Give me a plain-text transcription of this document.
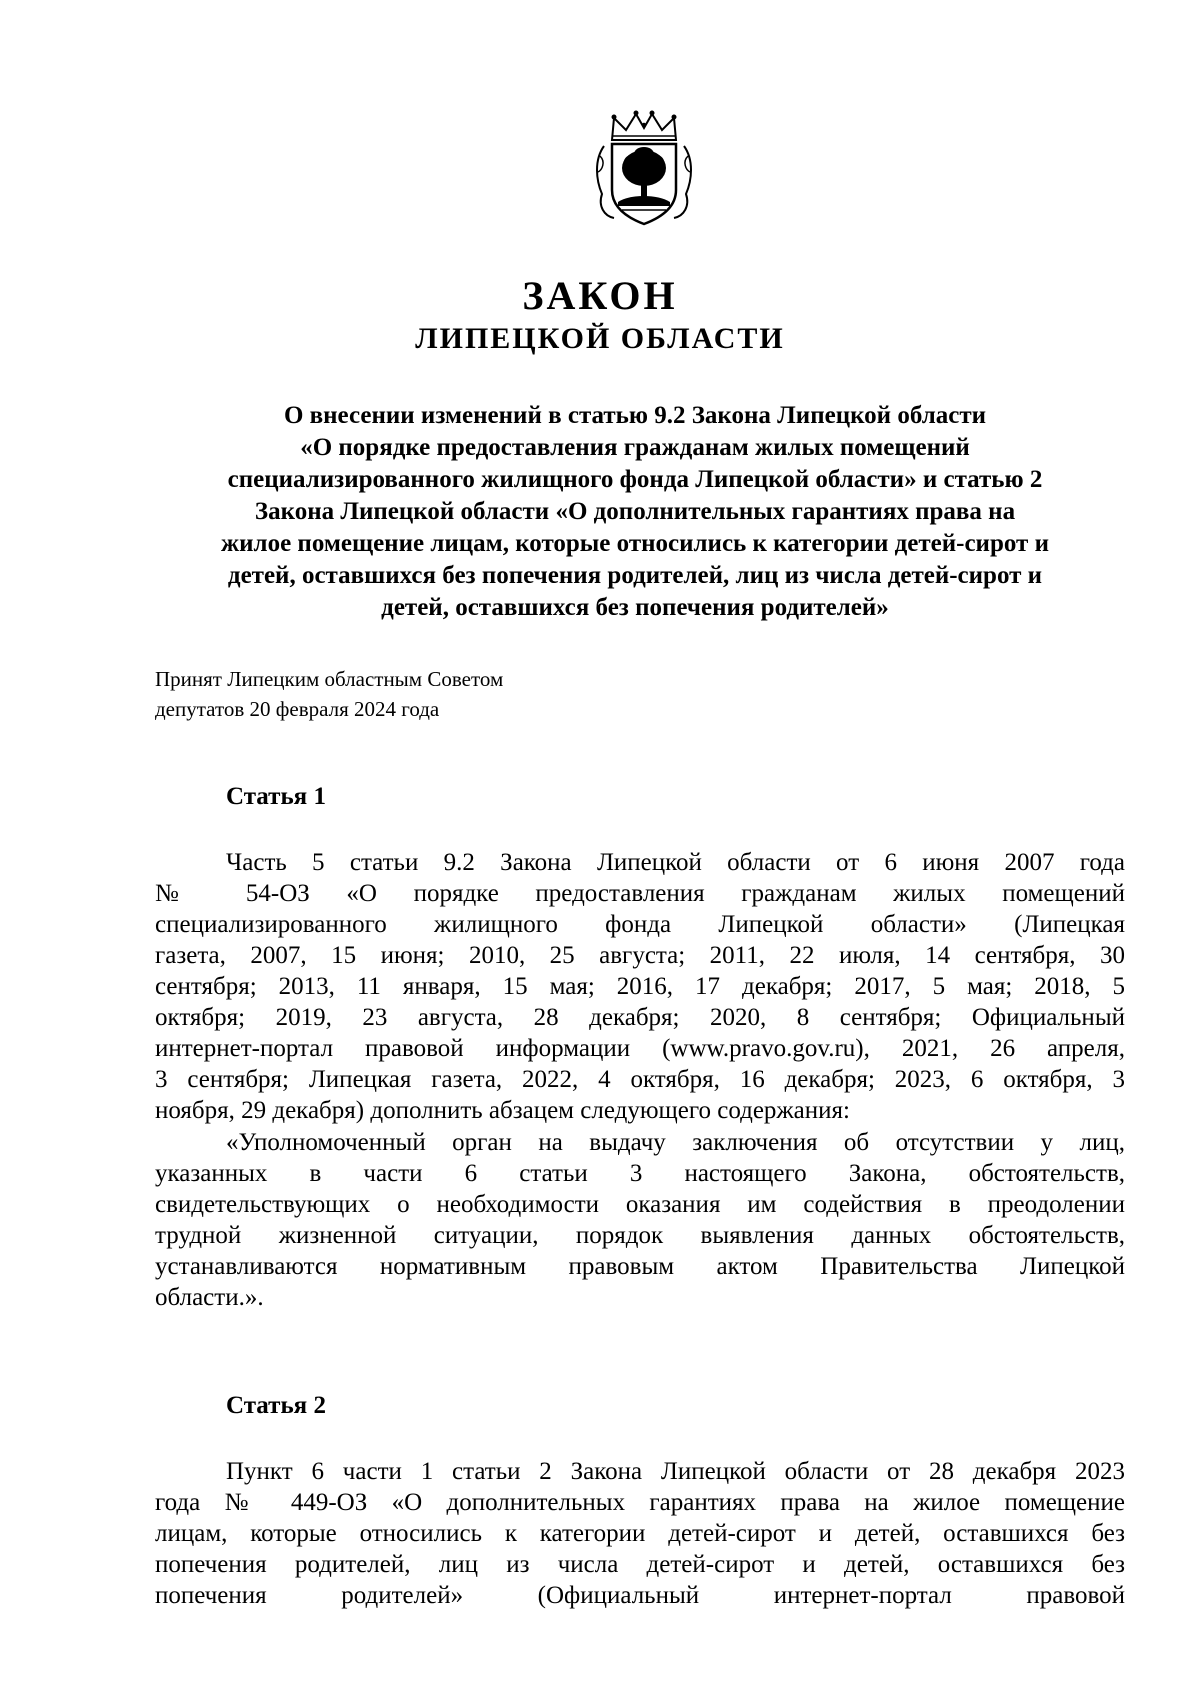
ЗАКОН
ЛИПЕЦКОЙ ОБЛАСТИ

О внесении изменений в статью 9.2 Закона Липецкой области
«О порядке предоставления гражданам жилых помещений
специализированного жилищного фонда Липецкой области» и статью 2
Закона Липецкой области «О дополнительных гарантиях права на
жилое помещение лицам, которые относились к категории детей-сирот и
детей, оставшихся без попечения родителей, лиц из числа детей-сирот и
детей, оставшихся без попечения родителей»

Принят Липецким областным Советом
депутатов 20 февраля 2024 года

Статья 1

Часть 5 статьи 9.2 Закона Липецкой области от 6 июня 2007 года
№ 54-ОЗ «О порядке предоставления гражданам жилых помещений
специализированного жилищного фонда Липецкой области» (Липецкая
газета, 2007, 15 июня; 2010, 25 августа; 2011, 22 июля, 14 сентября, 30
сентября; 2013, 11 января, 15 мая; 2016, 17 декабря; 2017, 5 мая; 2018, 5
октября; 2019, 23 августа, 28 декабря; 2020, 8 сентября; Официальный
интернет-портал правовой информации (www.pravo.gov.ru), 2021, 26 апреля,
3 сентября; Липецкая газета, 2022, 4 октября, 16 декабря; 2023, 6 октября, 3
ноября, 29 декабря) дополнить абзацем следующего содержания:

«Уполномоченный орган на выдачу заключения об отсутствии у лиц,
указанных в части 6 статьи 3 настоящего Закона, обстоятельств,
свидетельствующих о необходимости оказания им содействия в преодолении
трудной жизненной ситуации, порядок выявления данных обстоятельств,
устанавливаются нормативным правовым актом Правительства Липецкой
области.».

Статья 2

Пункт 6 части 1 статьи 2 Закона Липецкой области от 28 декабря 2023
года № 449-ОЗ «О дополнительных гарантиях права на жилое помещение
лицам, которые относились к категории детей-сирот и детей, оставшихся без
попечения родителей, лиц из числа детей-сирот и детей, оставшихся без
попечения родителей» (Официальный интернет-портал правовой
